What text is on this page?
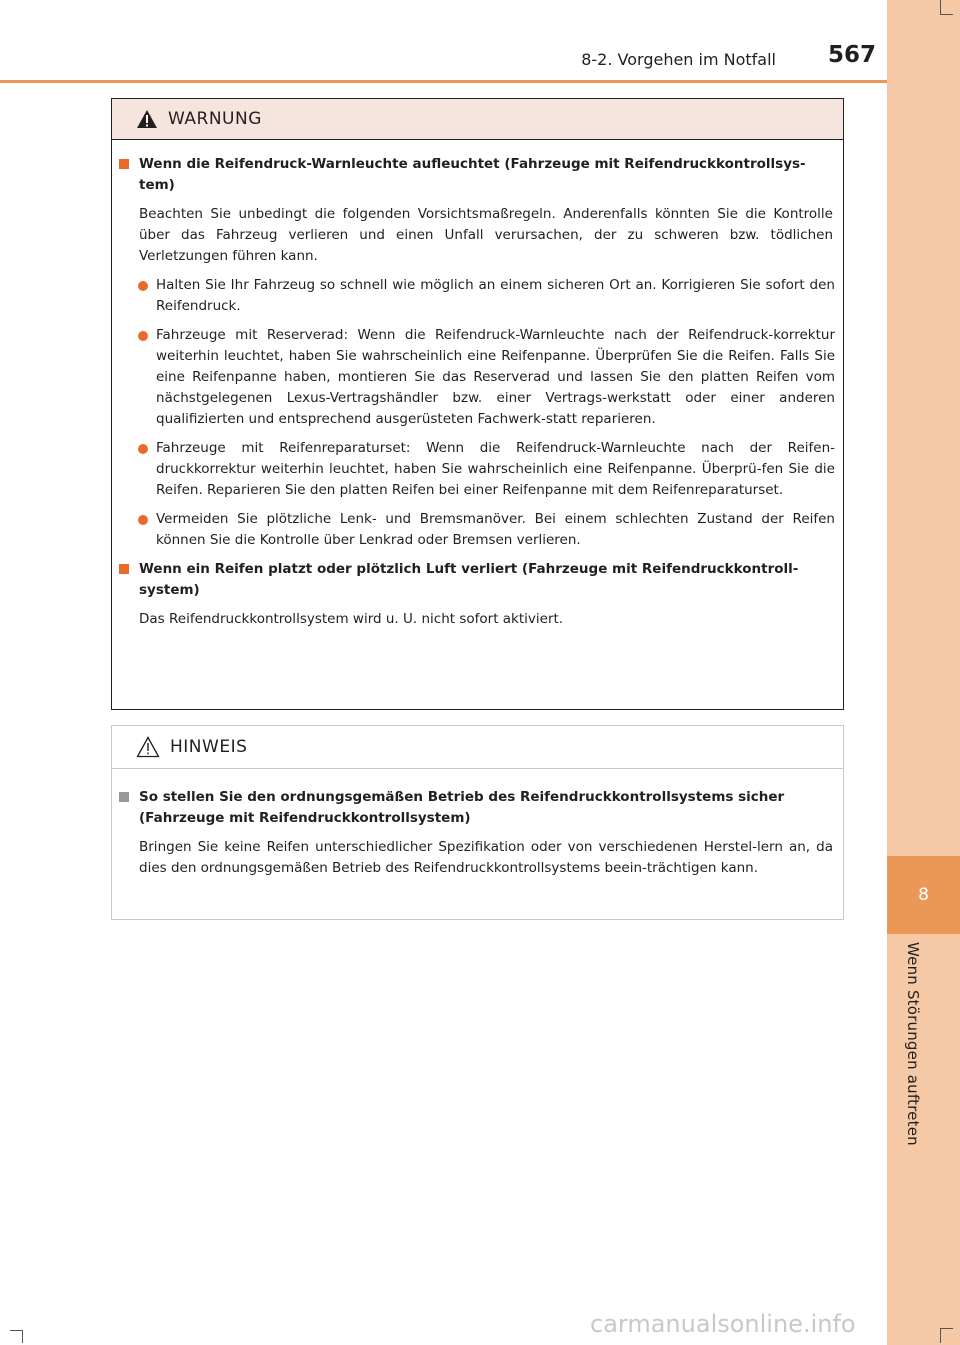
8
Wenn Störungen auftreten
8-2. Vorgehen im Notfall	567
WARNUNG
Wenn die Reifendruck-Warnleuchte aufleuchtet (Fahrzeuge mit Reifendruckkontrollsys-tem)
Beachten Sie unbedingt die folgenden Vorsichtsmaßregeln. Anderenfalls könnten Sie die Kontrolle über das Fahrzeug verlieren und einen Unfall verursachen, der zu schweren bzw. tödlichen Verletzungen führen kann.
Halten Sie Ihr Fahrzeug so schnell wie möglich an einem sicheren Ort an. Korrigieren Sie sofort den Reifendruck.
Fahrzeuge mit Reserverad: Wenn die Reifendruck-Warnleuchte nach der Reifendruck-korrektur weiterhin leuchtet, haben Sie wahrscheinlich eine Reifenpanne. Überprüfen Sie die Reifen. Falls Sie eine Reifenpanne haben, montieren Sie das Reserverad und lassen Sie den platten Reifen vom nächstgelegenen Lexus-Vertragshändler bzw. einer Vertrags-werkstatt oder einer anderen qualifizierten und entsprechend ausgerüsteten Fachwerk-statt reparieren.
Fahrzeuge mit Reifenreparaturset: Wenn die Reifendruck-Warnleuchte nach der Reifen-druckkorrektur weiterhin leuchtet, haben Sie wahrscheinlich eine Reifenpanne. Überprü-fen Sie die Reifen. Reparieren Sie den platten Reifen bei einer Reifenpanne mit dem Reifenreparaturset.
Vermeiden Sie plötzliche Lenk- und Bremsmanöver. Bei einem schlechten Zustand der Reifen können Sie die Kontrolle über Lenkrad oder Bremsen verlieren.
Wenn ein Reifen platzt oder plötzlich Luft verliert (Fahrzeuge mit Reifendruckkontroll-system)
Das Reifendruckkontrollsystem wird u. U. nicht sofort aktiviert.
HINWEIS
So stellen Sie den ordnungsgemäßen Betrieb des Reifendruckkontrollsystems sicher (Fahrzeuge mit Reifendruckkontrollsystem)
Bringen Sie keine Reifen unterschiedlicher Spezifikation oder von verschiedenen Herstel-lern an, da dies den ordnungsgemäßen Betrieb des Reifendruckkontrollsystems beein-trächtigen kann.
carmanualsonline.info
